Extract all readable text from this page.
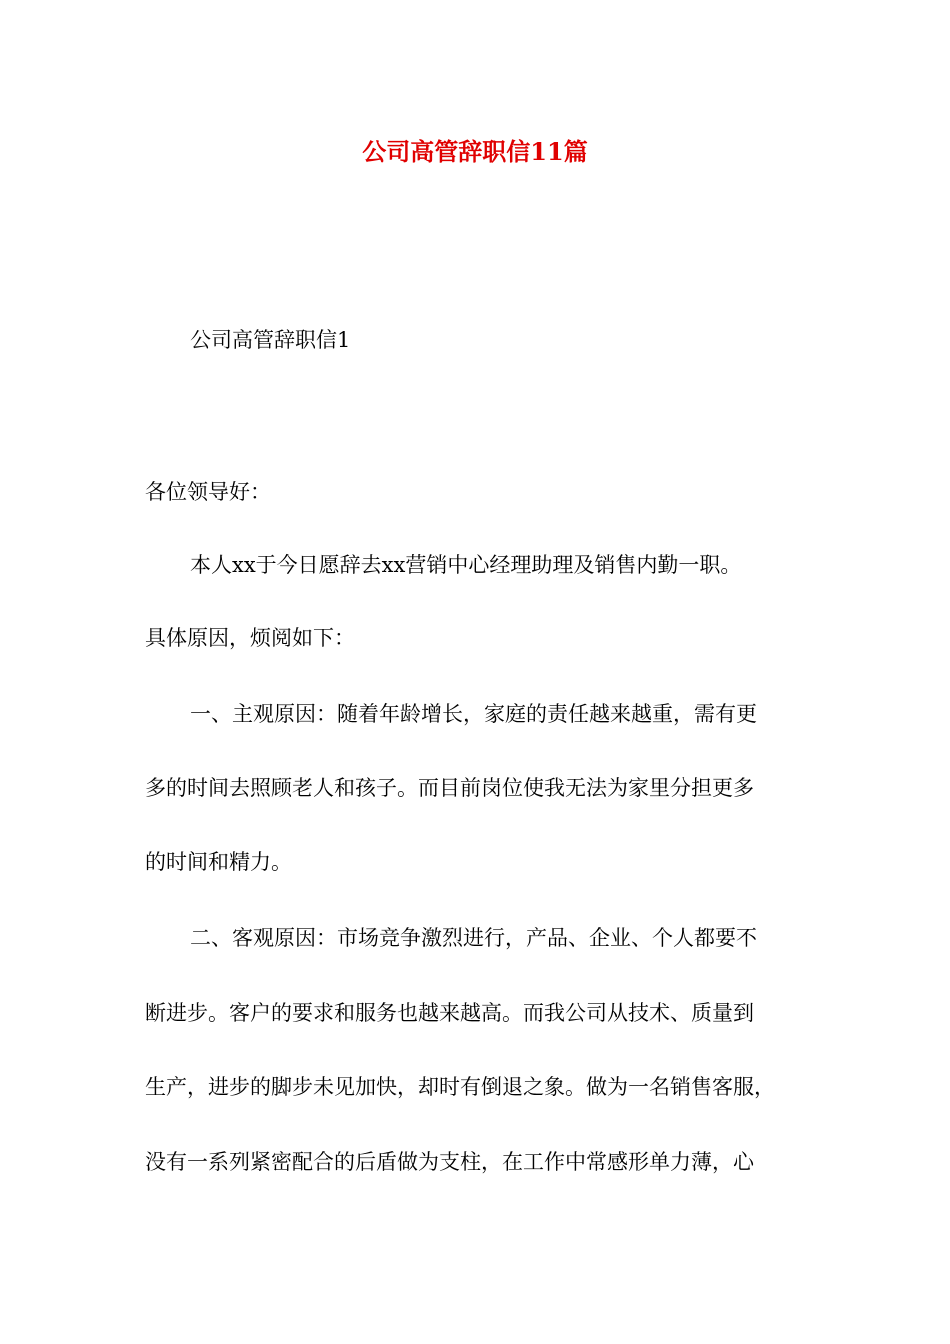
公司高管辞职信11篇

公司高管辞职信1

各位领导好：

本人xx于今日愿辞去xx营销中心经理助理及销售内勤一职。

具体原因，烦阅如下：

一、主观原因：随着年龄增长，家庭的责任越来越重，需有更

多的时间去照顾老人和孩子。而目前岗位使我无法为家里分担更多

的时间和精力。

二、客观原因：市场竞争激烈进行，产品、企业、个人都要不

断进步。客户的要求和服务也越来越高。而我公司从技术、质量到

生产，进步的脚步未见加快，却时有倒退之象。做为一名销售客服，

没有一系列紧密配合的后盾做为支柱，在工作中常感形单力薄，心
